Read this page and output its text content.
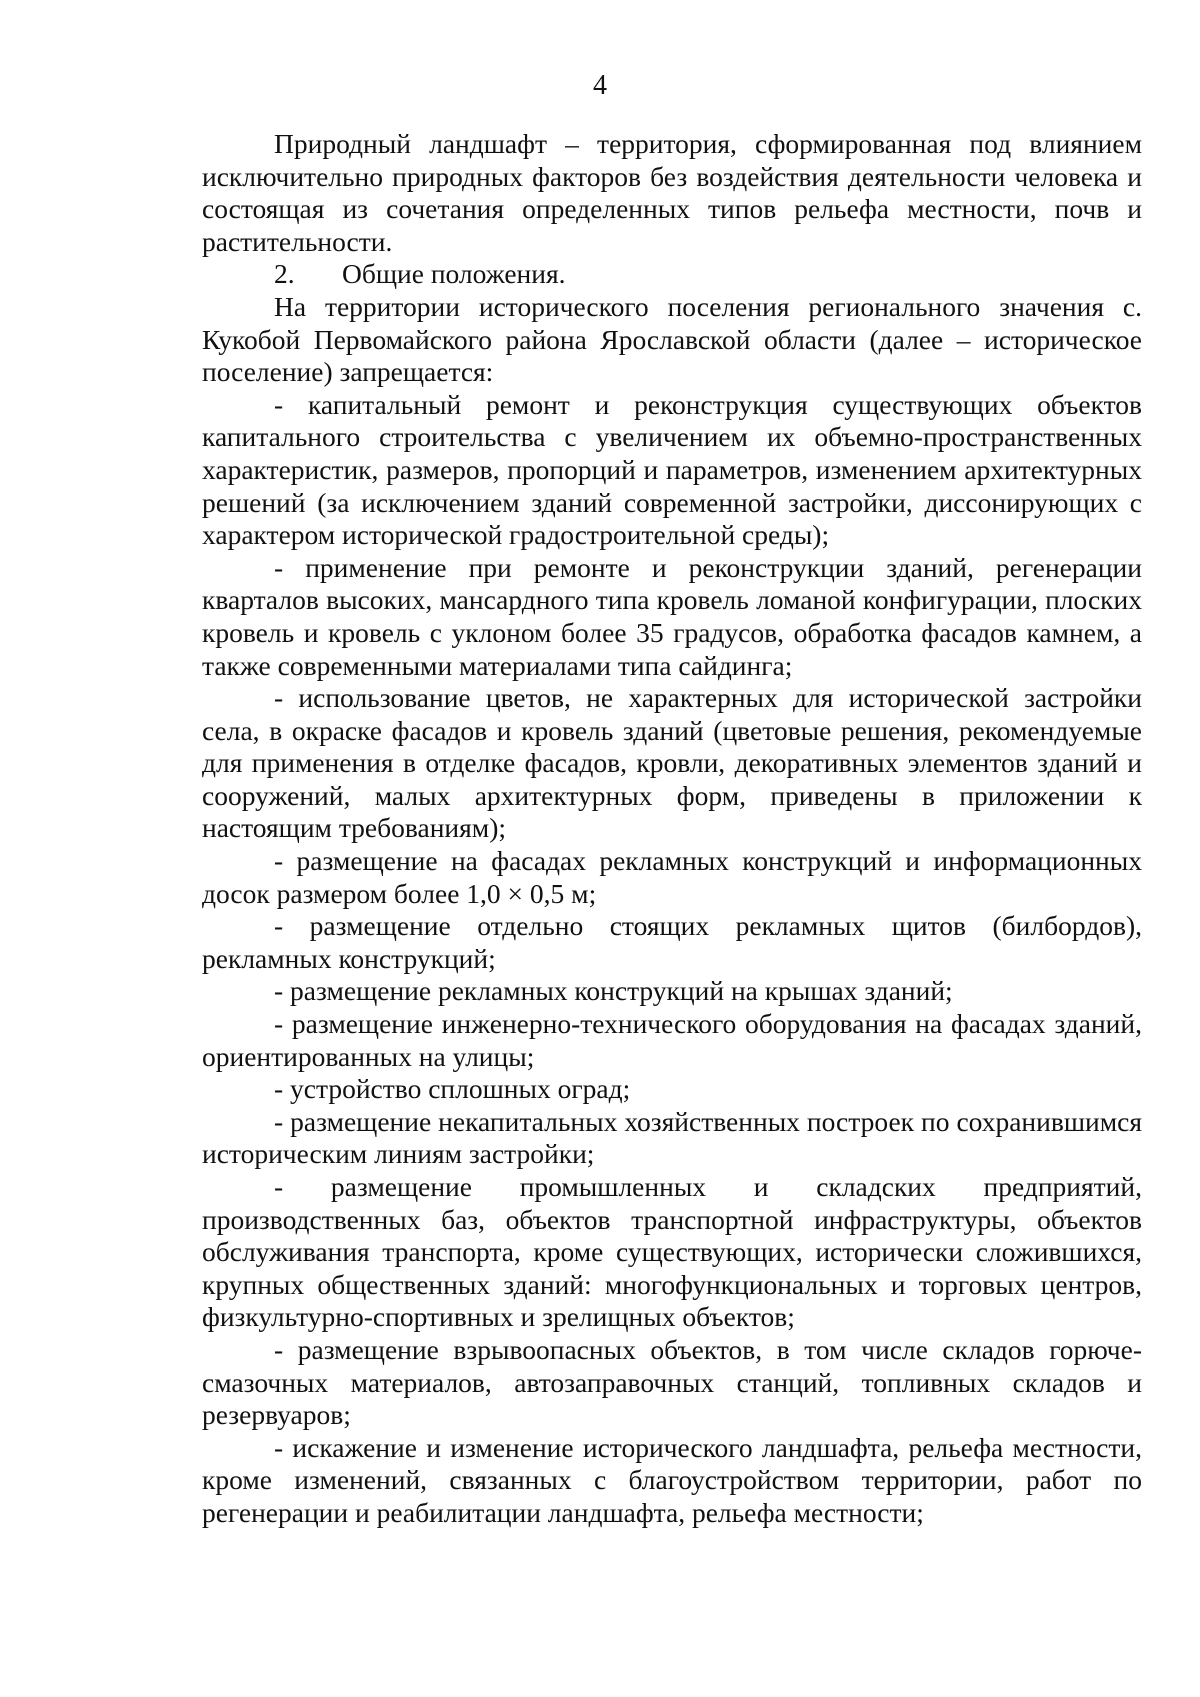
4

Природный ландшафт – территория, сформированная под влиянием исключительно природных факторов без воздействия деятельности человека и состоящая из сочетания определенных типов рельефа местности, почв и растительности.

2. Общие положения.

На территории исторического поселения регионального значения с. Кукобой Первомайского района Ярославской области (далее – историческое поселение) запрещается:

- капитальный ремонт и реконструкция существующих объектов капитального строительства с увеличением их объемно-пространственных характеристик, размеров, пропорций и параметров, изменением архитектурных решений (за исключением зданий современной застройки, диссонирующих с характером исторической градостроительной среды);

- применение при ремонте и реконструкции зданий, регенерации кварталов высоких, мансардного типа кровель ломаной конфигурации, плоских кровель и кровель с уклоном более 35 градусов, обработка фасадов камнем, а также современными материалами типа сайдинга;

- использование цветов, не характерных для исторической застройки села, в окраске фасадов и кровель зданий (цветовые решения, рекомендуемые для применения в отделке фасадов, кровли, декоративных элементов зданий и сооружений, малых архитектурных форм, приведены в приложении к настоящим требованиям);

- размещение на фасадах рекламных конструкций и информационных досок размером более 1,0 × 0,5 м;

- размещение отдельно стоящих рекламных щитов (билбордов), рекламных конструкций;

- размещение рекламных конструкций на крышах зданий;

- размещение инженерно-технического оборудования на фасадах зданий, ориентированных на улицы;

- устройство сплошных оград;

- размещение некапитальных хозяйственных построек по сохранившимся историческим линиям застройки;

- размещение промышленных и складских предприятий, производственных баз, объектов транспортной инфраструктуры, объектов обслуживания транспорта, кроме существующих, исторически сложившихся, крупных общественных зданий: многофункциональных и торговых центров, физкультурно-спортивных и зрелищных объектов;

- размещение взрывоопасных объектов, в том числе складов горюче-смазочных материалов, автозаправочных станций, топливных складов и резервуаров;

- искажение и изменение исторического ландшафта, рельефа местности, кроме изменений, связанных с благоустройством территории, работ по регенерации и реабилитации ландшафта, рельефа местности;
